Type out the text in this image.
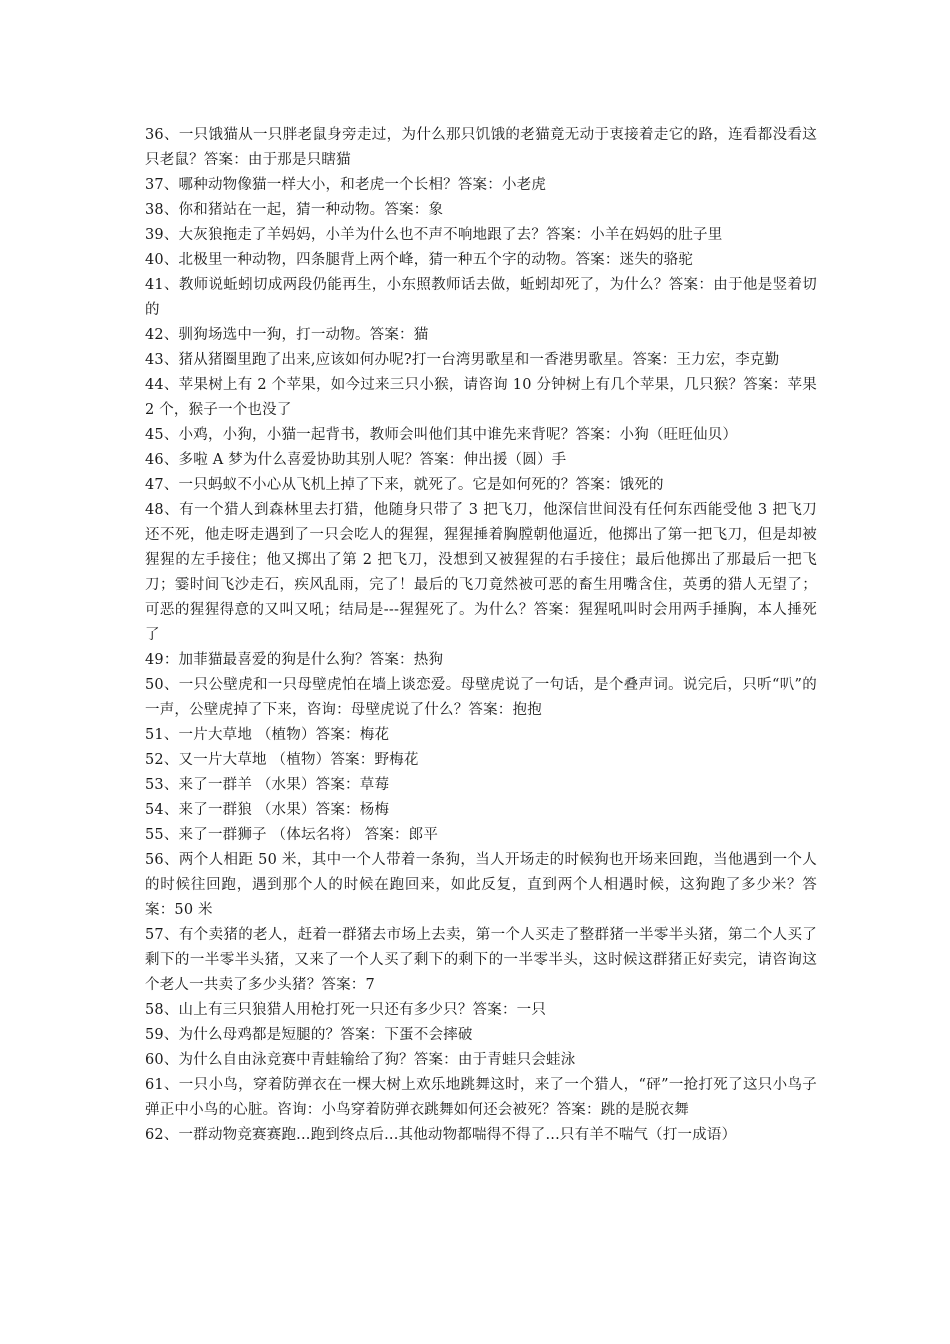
36、一只饿猫从一只胖老鼠身旁走过，为什么那只饥饿的老猫竟无动于衷接着走它的路，连看都没看这只老鼠？答案：由于那是只瞎猫

37、哪种动物像猫一样大小，和老虎一个长相？答案：小老虎

38、你和猪站在一起，猜一种动物。答案：象

39、大灰狼拖走了羊妈妈，小羊为什么也不声不响地跟了去？答案：小羊在妈妈的肚子里

40、北极里一种动物，四条腿背上两个峰，猜一种五个字的动物。答案：迷失的骆驼

41、教师说蚯蚓切成两段仍能再生，小东照教师话去做，蚯蚓却死了，为什么？答案：由于他是竖着切的

42、驯狗场选中一狗，打一动物。答案：猫

43、猪从猪圈里跑了出来,应该如何办呢?打一台湾男歌星和一香港男歌星。答案：王力宏，李克勤

44、苹果树上有 2 个苹果，如今过来三只小猴，请咨询 10 分钟树上有几个苹果，几只猴？答案：苹果 2 个，猴子一个也没了

45、小鸡，小狗，小猫一起背书，教师会叫他们其中谁先来背呢？答案：小狗（旺旺仙贝）

46、多啦 A 梦为什么喜爱协助其别人呢？答案：伸出援（圆）手

47、一只蚂蚁不小心从飞机上掉了下来，就死了。它是如何死的？答案：饿死的

48、有一个猎人到森林里去打猎，他随身只带了 3 把飞刀，他深信世间没有任何东西能受他 3 把飞刀还不死，他走呀走遇到了一只会吃人的猩猩，猩猩捶着胸膛朝他逼近，他掷出了第一把飞刀，但是却被猩猩的左手接住；他又掷出了第 2 把飞刀，没想到又被猩猩的右手接住；最后他掷出了那最后一把飞刀；霎时间飞沙走石，疾风乱雨，完了！最后的飞刀竟然被可恶的畜生用嘴含住，英勇的猎人无望了；可恶的猩猩得意的又叫又吼；结局是---猩猩死了。为什么？答案：猩猩吼叫时会用两手捶胸，本人捶死了

49：加菲猫最喜爱的狗是什么狗？答案：热狗

50、一只公壁虎和一只母壁虎怕在墙上谈恋爱。母壁虎说了一句话，是个叠声词。说完后，只听“叭”的一声，公壁虎掉了下来，咨询：母壁虎说了什么？答案：抱抱

51、一片大草地 （植物）答案：梅花

52、又一片大草地 （植物）答案：野梅花

53、来了一群羊 （水果）答案：草莓

54、来了一群狼 （水果）答案：杨梅

55、来了一群狮子 （体坛名将） 答案：郎平

56、两个人相距 50 米，其中一个人带着一条狗，当人开场走的时候狗也开场来回跑，当他遇到一个人的时候往回跑，遇到那个人的时候在跑回来，如此反复，直到两个人相遇时候，这狗跑了多少米？答案：50 米

57、有个卖猪的老人，赶着一群猪去市场上去卖，第一个人买走了整群猪一半零半头猪，第二个人买了剩下的一半零半头猪，又来了一个人买了剩下的剩下的一半零半头，这时候这群猪正好卖完，请咨询这个老人一共卖了多少头猪？答案：7

58、山上有三只狼猎人用枪打死一只还有多少只？答案：一只

59、为什么母鸡都是短腿的？答案：下蛋不会摔破

60、为什么自由泳竞赛中青蛙输给了狗？答案：由于青蛙只会蛙泳

61、一只小鸟，穿着防弹衣在一棵大树上欢乐地跳舞这时，来了一个猎人，“砰”一抢打死了这只小鸟子弹正中小鸟的心脏。咨询：小鸟穿着防弹衣跳舞如何还会被死？答案：跳的是脱衣舞

62、一群动物竞赛赛跑...跑到终点后...其他动物都喘得不得了...只有羊不喘气（打一成语）
